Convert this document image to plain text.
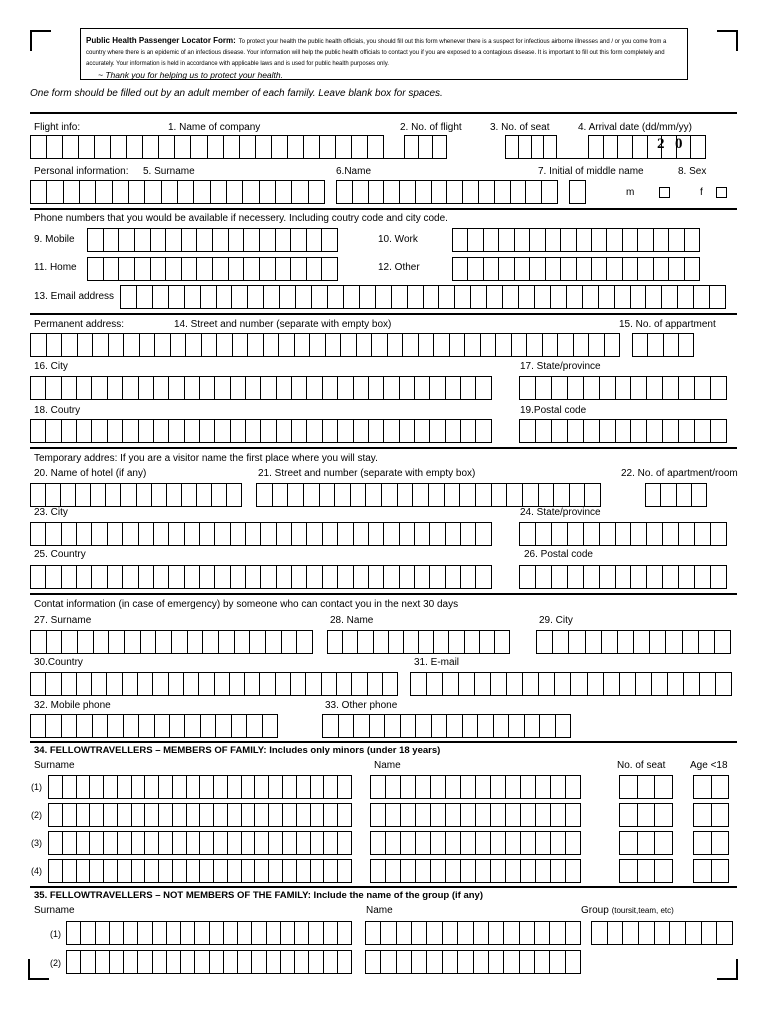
Public Health Passenger Locator Form: To protect your health the public health officials, you should fill out this form whenever there is a suspect for infectious airborne illnesses and / or you come from a country where there is an epidemic of an infectious disease. Your information will help the public health officials to contact you if you are exposed to a contagious disease. It is important to fill out this form completely and accurately. Your information is held in accordance with applicable laws and is used for public health purposes only.
~ Thank you for helping us to protect your health.
One form should be filled out by an adult member of each family. Leave blank box for spaces.
Flight info:	1. Name of company	2. No. of flight	3. No. of seat	4. Arrival date (dd/mm/yy)
2 0
Personal information: 5. Surname	6.Name	7. Initial of middle name	8. Sex
m	f
Phone numbers that you would be available if necessery. Including coutry code and city code.
9. Mobile	10. Work
11. Home	12. Other
13. Email address
Permanent address:	14. Street and number (separate with empty box)	15. No. of appartment
16. City	17. State/province
18. Coutry	19.Postal code
Temporary addres: If you are a visitor name the first place where you will stay.
20. Name of hotel (if any)	21. Street and number (separate with empty box)	22. No. of apartment/room
23. City	24. State/province
25. Country	26. Postal code
Contat information (in case of emergency) by someone who can contact you in the next 30 days
27. Surname	28. Name	29. City
30.Country	31. E-mail
32. Mobile phone	33. Other phone
34. FELLOWTRAVELLERS – MEMBERS OF FAMILY: Includes only minors (under 18 years)
Surname	Name	No. of seat Age <18
(1)
(2)
(3)
(4)
35. FELLOWTRAVELLERS – NOT MEMBERS OF THE FAMILY: Include the name of the group (if any)
Surname	Name	Group (toursit,team, etc)
(1)
(2)
